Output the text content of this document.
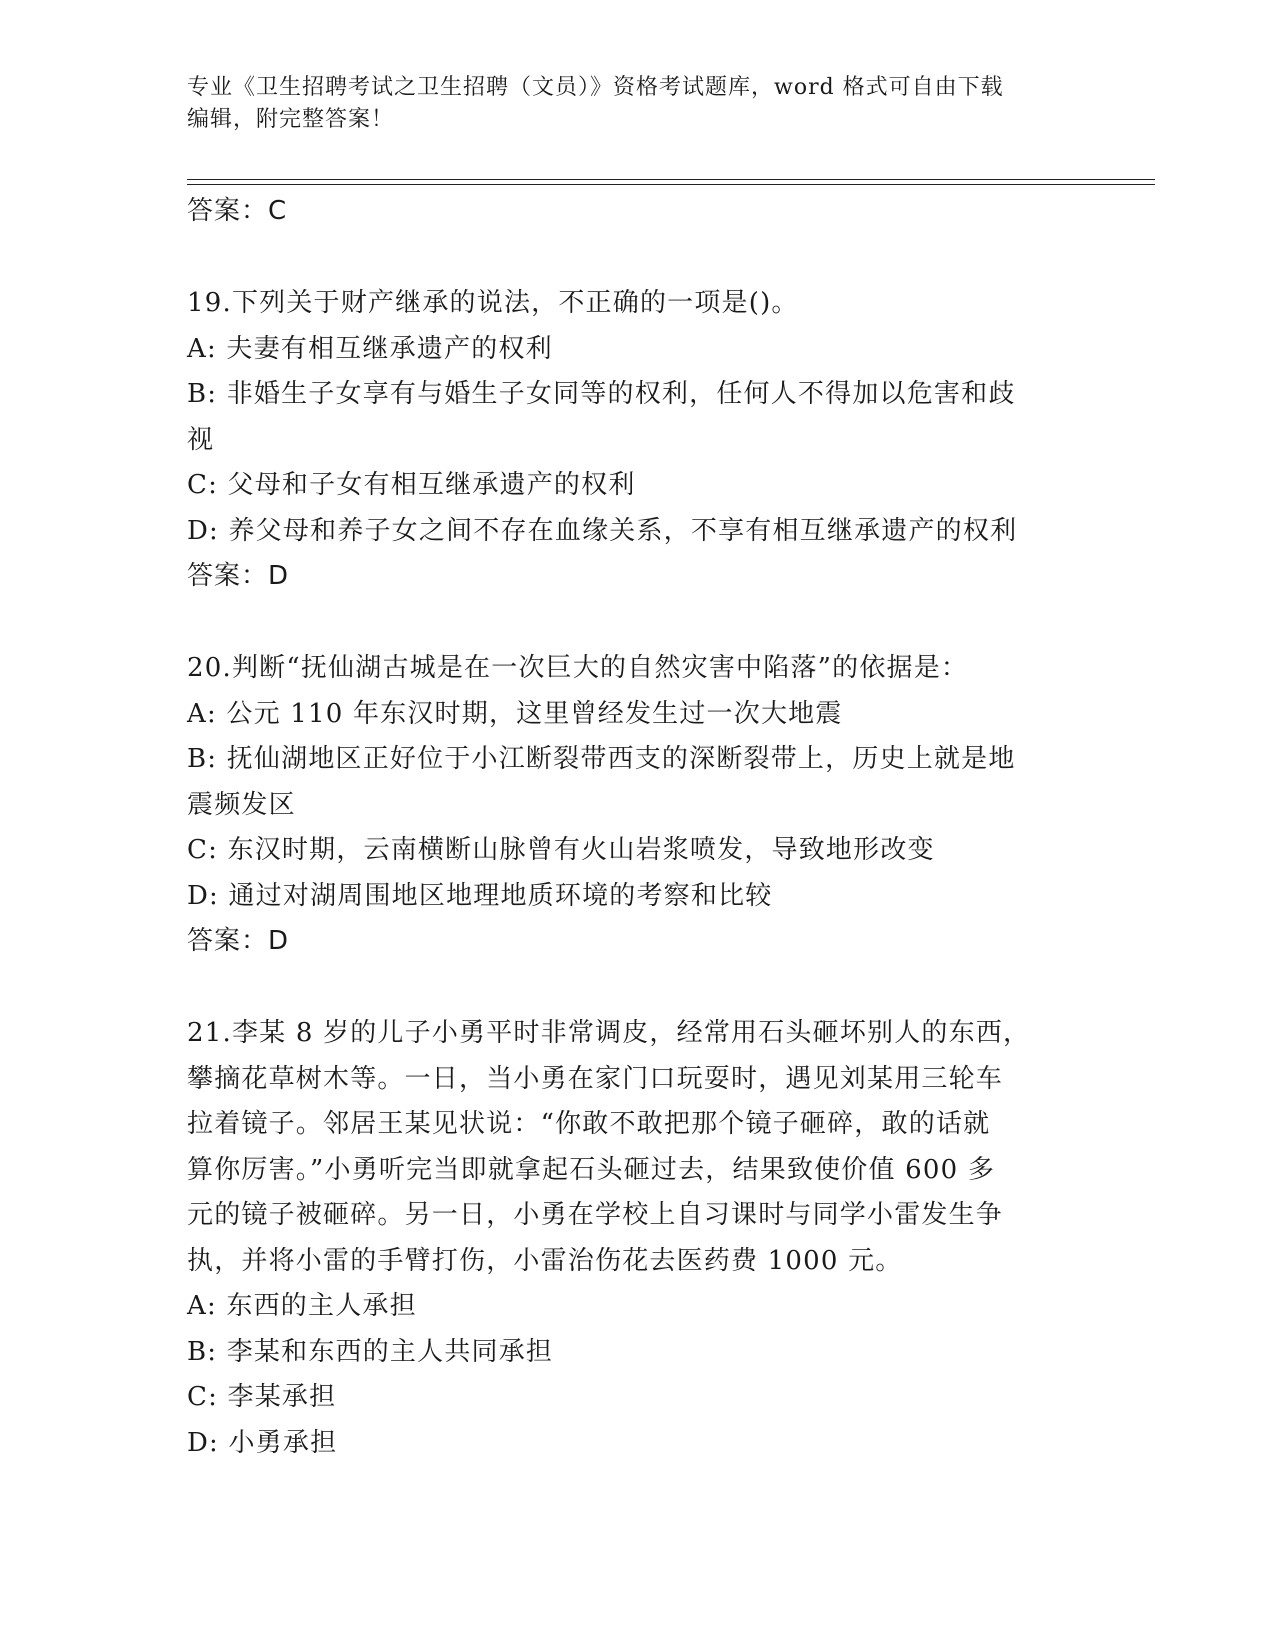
专业《卫生招聘考试之卫生招聘（文员）》资格考试题库，word 格式可自由下载
编辑，附完整答案！
答案：C
19.下列关于财产继承的说法，不正确的一项是()。
A: 夫妻有相互继承遗产的权利
B: 非婚生子女享有与婚生子女同等的权利，任何人不得加以危害和歧
视
C: 父母和子女有相互继承遗产的权利
D: 养父母和养子女之间不存在血缘关系，不享有相互继承遗产的权利
答案：D
20.判断“抚仙湖古城是在一次巨大的自然灾害中陷落”的依据是：
A: 公元 110 年东汉时期，这里曾经发生过一次大地震
B: 抚仙湖地区正好位于小江断裂带西支的深断裂带上，历史上就是地
震频发区
C: 东汉时期，云南横断山脉曾有火山岩浆喷发，导致地形改变
D: 通过对湖周围地区地理地质环境的考察和比较
答案：D
21.李某 8 岁的儿子小勇平时非常调皮，经常用石头砸坏别人的东西，
攀摘花草树木等。一日，当小勇在家门口玩耍时，遇见刘某用三轮车
拉着镜子。邻居王某见状说：“你敢不敢把那个镜子砸碎，敢的话就
算你厉害。”小勇听完当即就拿起石头砸过去，结果致使价值 600 多
元的镜子被砸碎。另一日，小勇在学校上自习课时与同学小雷发生争
执，并将小雷的手臂打伤，小雷治伤花去医药费 1000 元。
A: 东西的主人承担
B: 李某和东西的主人共同承担
C: 李某承担
D: 小勇承担
